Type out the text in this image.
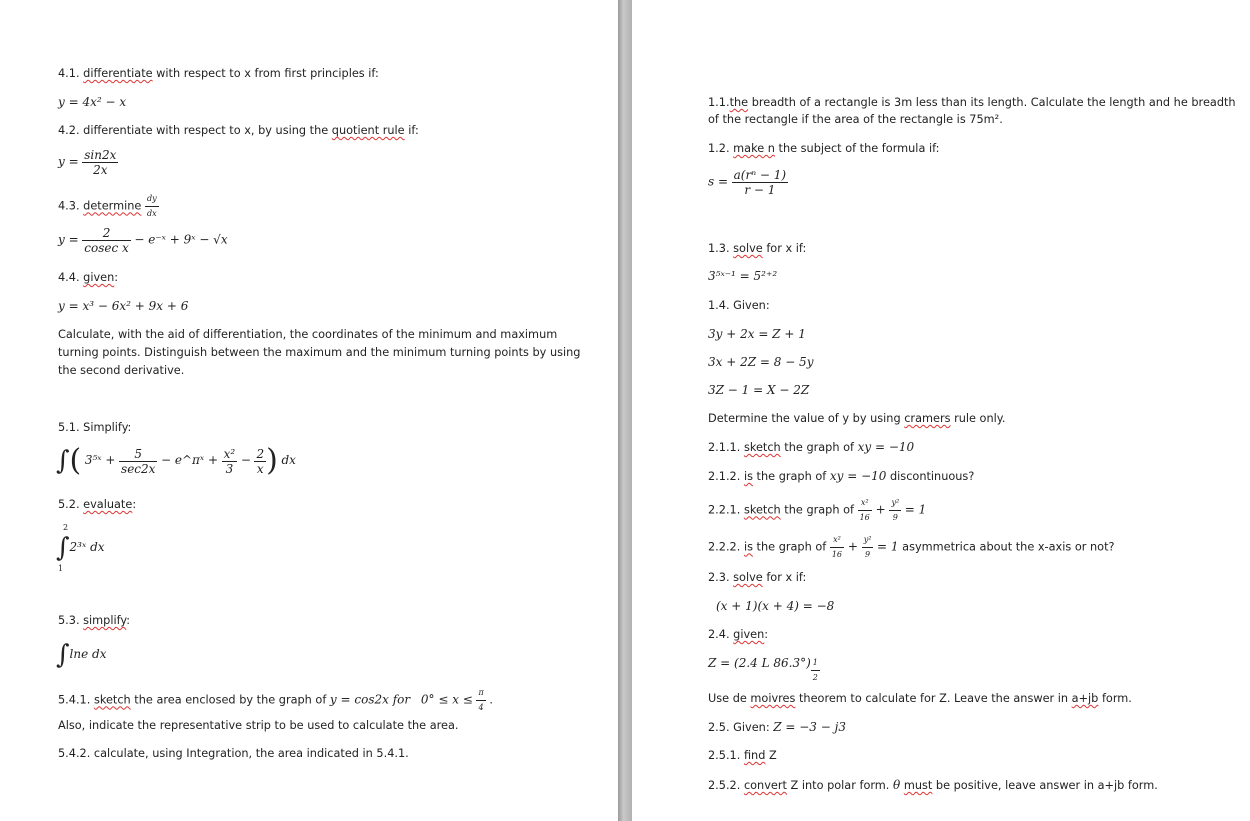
4.1. differentiate with respect to x from first principles if:
y = 4x² − x
4.2. differentiate with respect to x, by using the quotient rule if:
$y = \frac{\sin 2x}{2x}$
4.3. determine $\frac{dy}{dx}$
$y = \frac{2}{\text{cosec x}}$ − e⁻ˣ + 9ˣ − √x
4.4. given:
y = x³ − 6x² + 9x + 6
Calculate, with the aid of differentiation, the coordinates of the minimum and maximum
turning points. Distinguish between the maximum and the minimum turning points by using
the second derivative.
5.1. Simplify:
∫( 3⁵ˣ + $\frac{5}{\sec 2x}$ − e^πˣ + $\frac{\text{x²}}{3} - \frac{2}{x}$ ) dx
5.2. evaluate:
2
∫2³ˣ dx
1
5.3. simplify:
∫lne dx
5.4.1. sketch the area enclosed by the graph of y = cos2x for $0^\circ \le x \le \frac{\pi}{4}$ .
Also, indicate the representative strip to be used to calculate the area.
5.4.2. calculate, using Integration, the area indicated in 5.4.1.
1.1.the breadth of a rectangle is 3m less than its length. Calculate the length and he breadth
of the rectangle if the area of the rectangle is 75m².
1.2. make n the subject of the formula if:
$s = \frac{\text{a(rⁿ − 1)}}{r - 1}$
1.3. solve for x if:
3⁵ˣ⁻¹ = 5²⁺²
1.4. Given:
3y + 2x = Z + 1
3x + 2Z = 8 − 5y
3Z − 1 = X − 2Z
Determine the value of y by using cramers rule only.
2.1.1. sketch the graph of xy = −10
2.1.2. is the graph of xy = −10 discontinuous?
2.2.1. sketch the graph of $\frac{\text{x²}}{16} + \frac{\text{y²}}{9} = 1$
2.2.2. is the graph of $\frac{\text{x²}}{16} + \frac{\text{y²}}{9} = 1$ asymmetrica about the x-axis or not?
2.3. solve for x if:
(x + 1)(x + 4) = −8
2.4. given:
Z = (2.4 L $86.3^\circ) \frac{1}{2}$
Use de moivres theorem to calculate for Z. Leave the answer in a+jb form.
2.5. Given: Z = −3 − j3
2.5.1. find Z
2.5.2. convert Z into polar form. θ must be positive, leave answer in a+jb form.
